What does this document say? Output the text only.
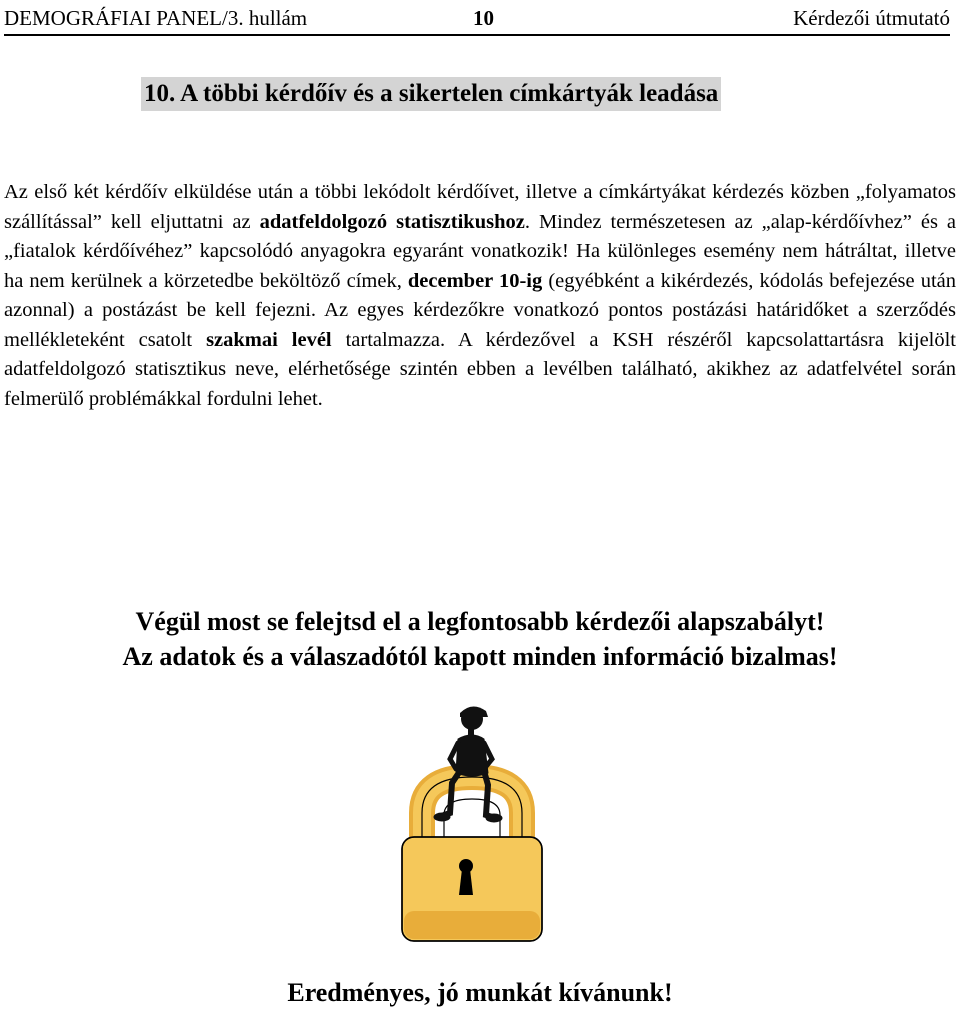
DEMOGRÁFIAI PANEL/3. hullám	10	Kérdezői útmutató
10. A többi kérdőív és a sikertelen címkártyák leadása
Az első két kérdőív elküldése után a többi lekódolt kérdőívet, illetve a címkártyákat kérdezés közben „folyamatos szállítással” kell eljuttatni az adatfeldolgozó statisztikushoz. Mindez természetesen az „alap-kérdőívhez” és a „fiatalok kérdőívéhez” kapcsolódó anyagokra egyaránt vonatkozik! Ha különleges esemény nem hátráltat, illetve ha nem kerülnek a körzetedbe beköltöző címek, december 10-ig (egyébként a kikérdezés, kódolás befejezése után azonnal) a postázást be kell fejezni. Az egyes kérdezőkre vonatkozó pontos postázási határidőket a szerződés mellékleteként csatolt szakmai levél tartalmazza. A kérdezővel a KSH részéről kapcsolattartásra kijelölt adatfeldolgozó statisztikus neve, elérhetősége szintén ebben a levélben található, akikhez az adatfelvétel során felmerülő problémákkal fordulni lehet.
Végül most se felejtsd el a legfontosabb kérdezői alapszabályt!
Az adatok és a válaszadótól kapott minden információ bizalmas!
Eredményes, jó munkát kívánunk!
